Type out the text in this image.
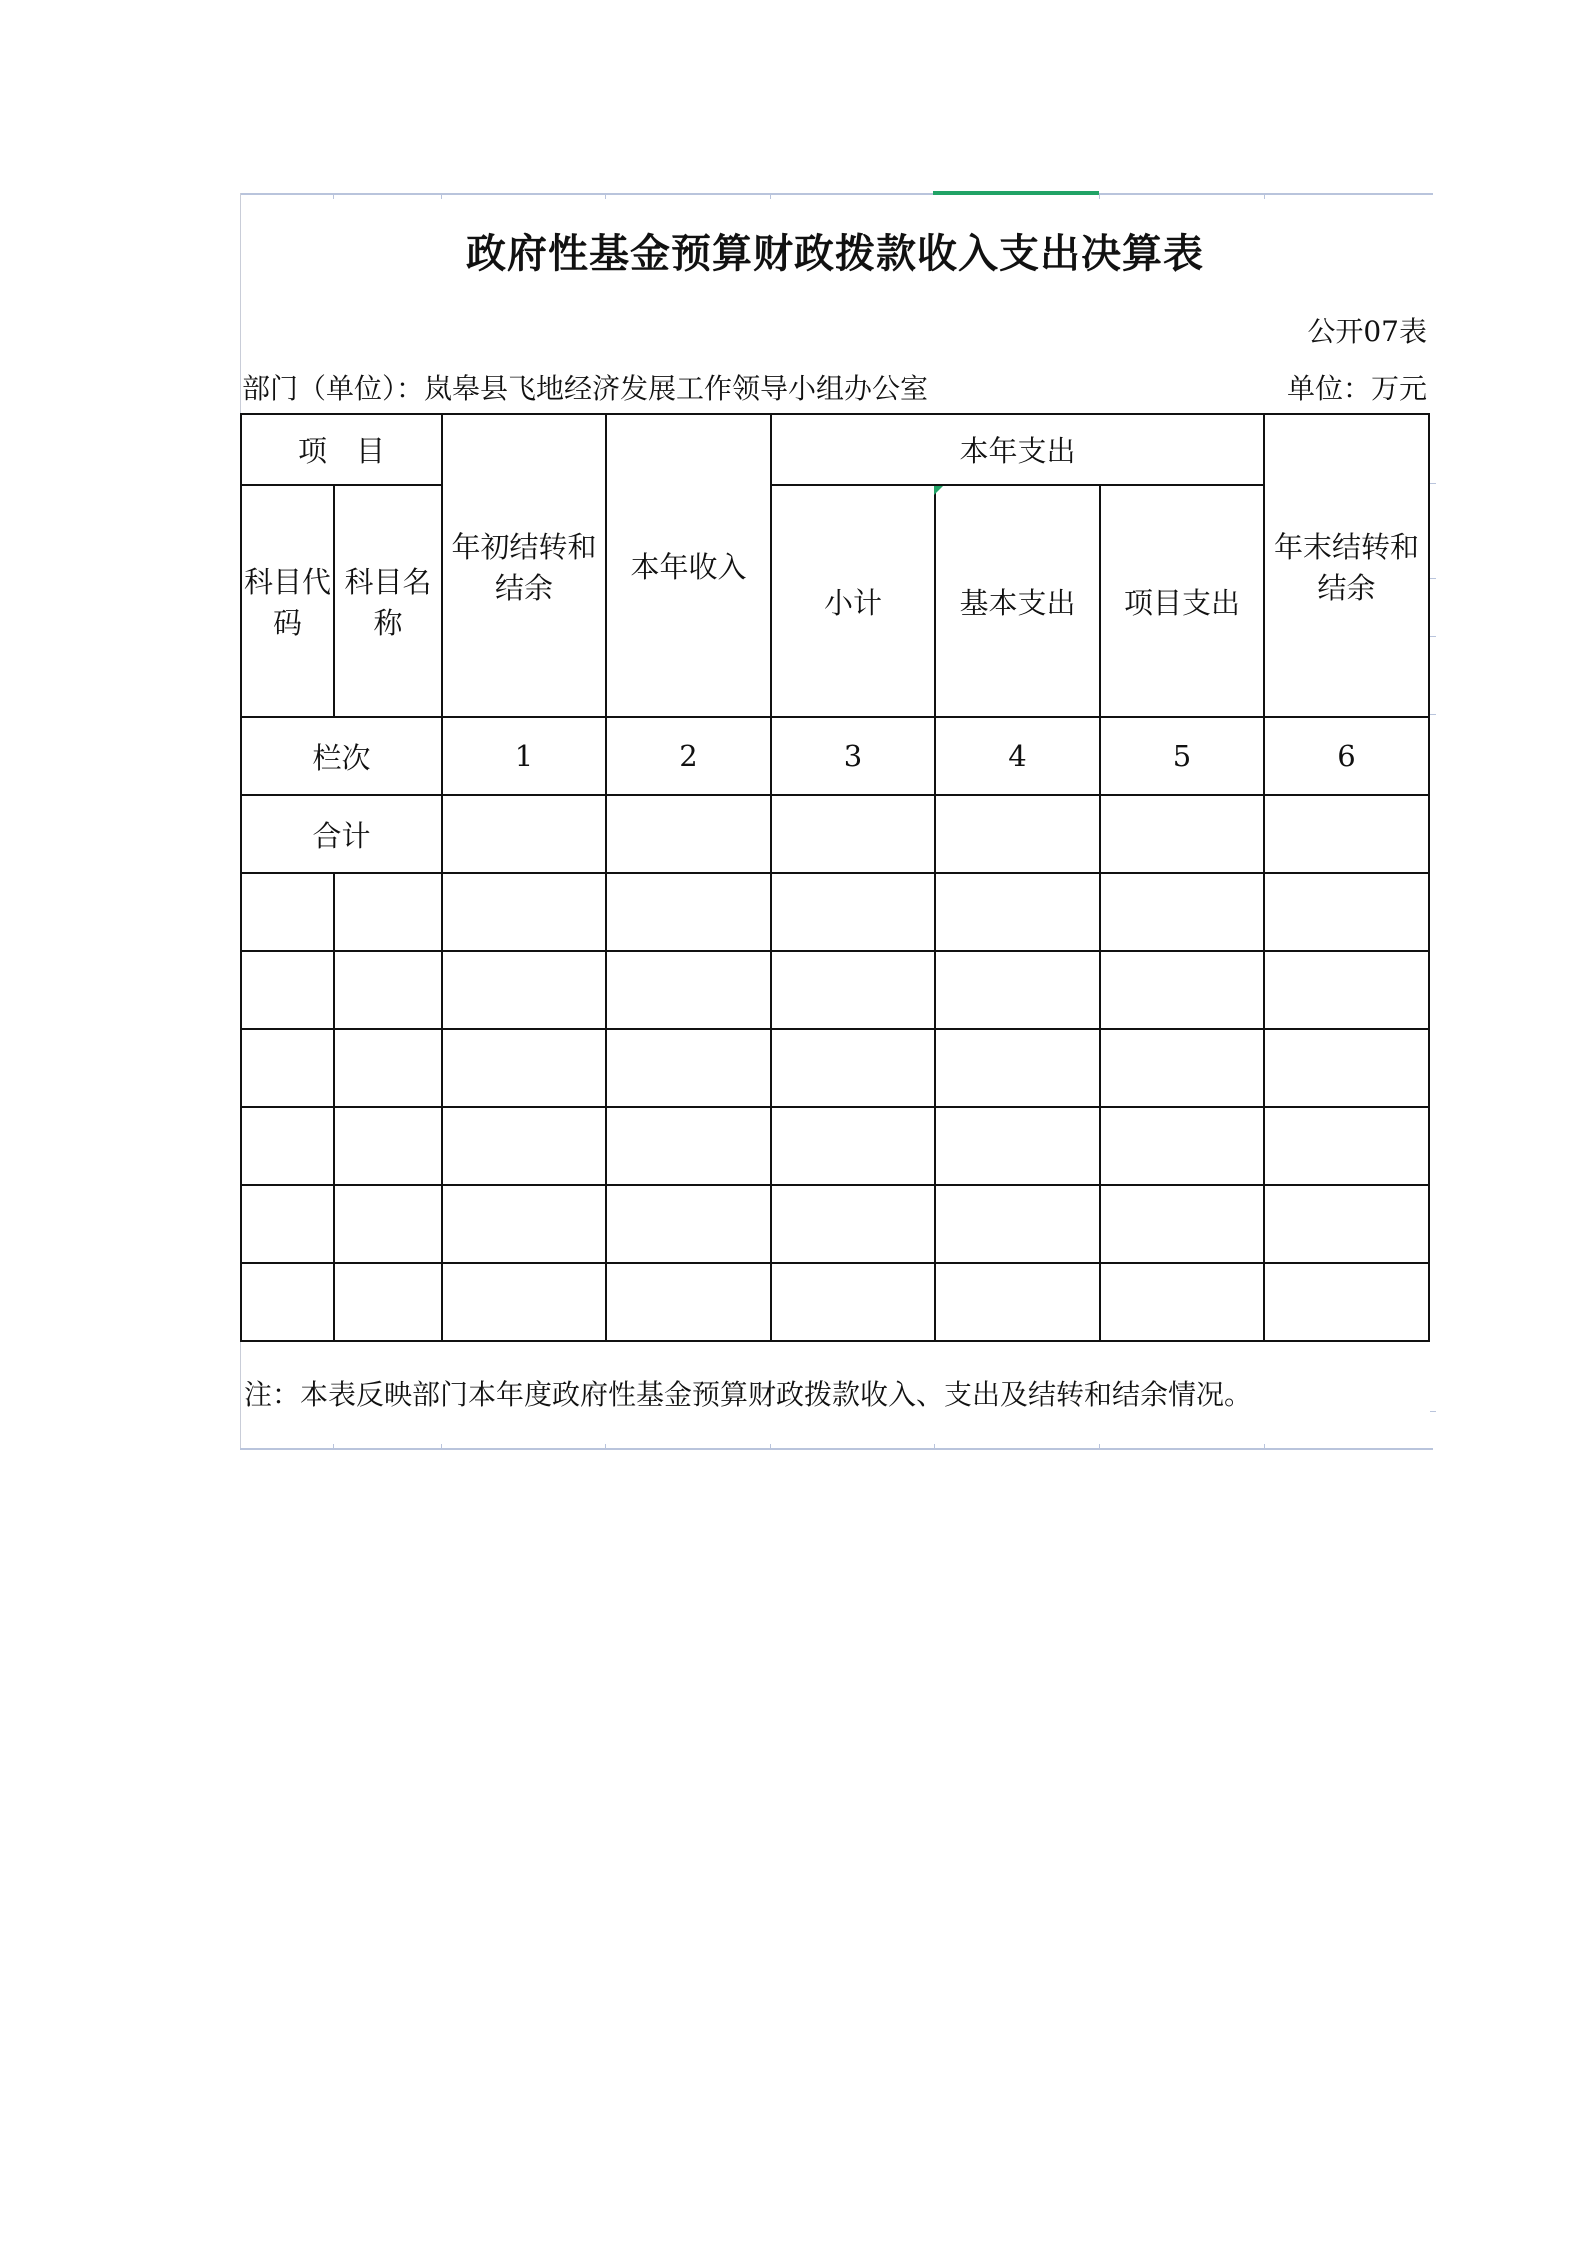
政府性基金预算财政拨款收入支出决算表
公开07表
部门（单位）：岚皋县飞地经济发展工作领导小组办公室	单位：万元
项　目		年初结转和结余	本年收入	本年支出			年末结转和结余
科目代码	科目名称			小计	基本支出	项目支出	
栏次		1	2	3	4	5	6
合计							

注：本表反映部门本年度政府性基金预算财政拨款收入、支出及结转和结余情况。
